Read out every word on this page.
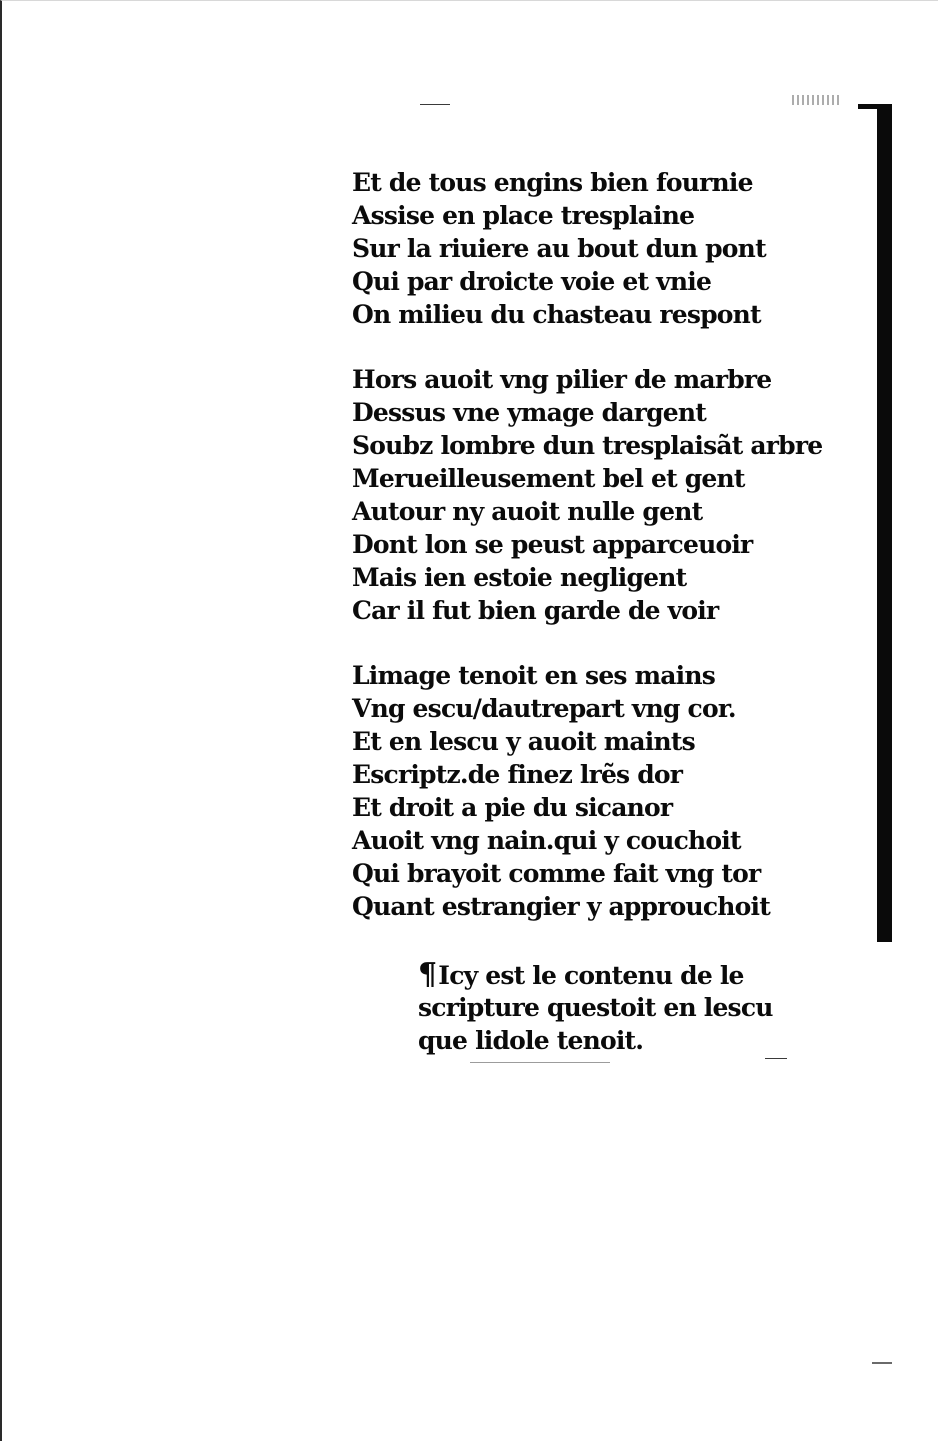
Et de tous engins bien fournie
Assise en place tresplaine
Sur la riuiere au bout dun pont
Qui par droicte voie et vnie
On milieu du chasteau respont
Hors auoit vng pilier de marbre
Dessus vne ymage dargent
Soubz lombre dun tresplaisãt arbre
Merueilleusement bel et gent
Autour ny auoit nulle gent
Dont lon se peust apparceuoir
Mais ien estoie negligent
Car il fut bien garde de voir
Limage tenoit en ses mains
Vng escu/dautrepart vng cor.
Et en lescu y auoit maints
Escriptz.de finez lrẽs dor
Et droit a pie du sicanor
Auoit vng nain.qui y couchoit
Qui brayoit comme fait vng tor
Quant estrangier y approuchoit
¶Icy est le contenu de le
scripture questoit en lescu
que lidole tenoit.
